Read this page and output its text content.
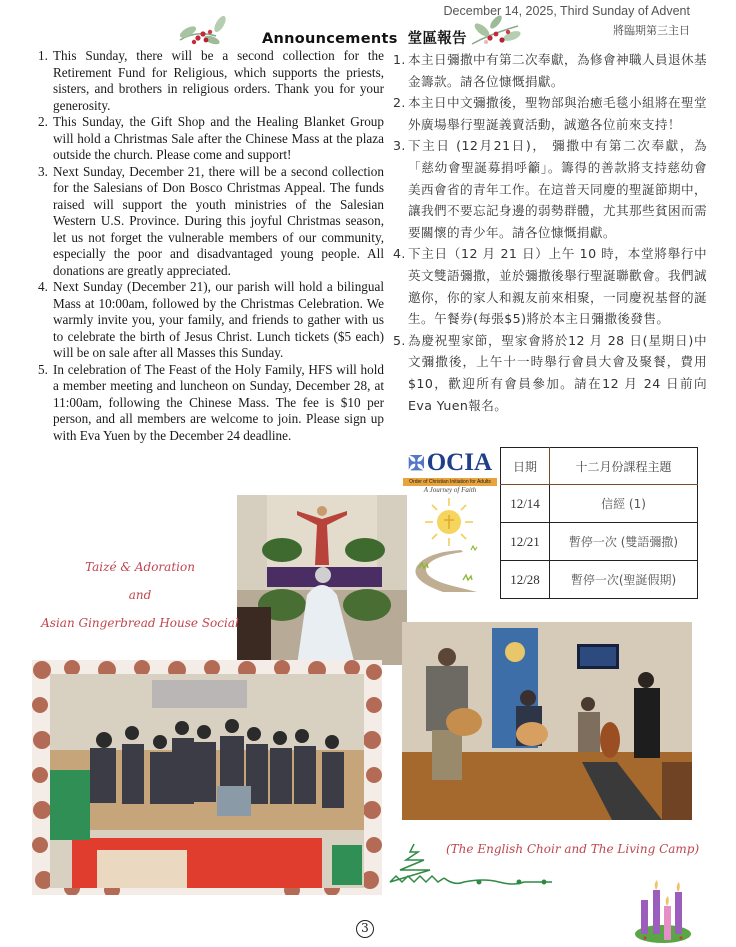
December 14, 2025, Third Sunday of Advent
將臨期第三主日
Announcements 堂區報告
1. This Sunday, there will be a second collection for the Retirement Fund for Religious, which supports the priests, sisters, and brothers in religious orders. Thank you for your generosity.
2. This Sunday, the Gift Shop and the Healing Blanket Group will hold a Christmas Sale after the Chinese Mass at the plaza outside the church. Please come and support!
3. Next Sunday, December 21, there will be a second collection for the Salesians of Don Bosco Christmas Appeal. The funds raised will support the youth ministries of the Salesian Western U.S. Province. During this joyful Christmas season, let us not forget the vulnerable members of our community, especially the poor and disadvantaged young people. All donations are greatly appreciated.
4. Next Sunday (December 21), our parish will hold a bilingual Mass at 10:00am, followed by the Christmas Celebration. We warmly invite you, your family, and friends to gather with us to celebrate the birth of Jesus Christ. Lunch tickets ($5 each) will be on sale after all Masses this Sunday.
5. In celebration of The Feast of the Holy Family, HFS will hold a member meeting and luncheon on Sunday, December 28, at 11:00am, following the Chinese Mass. The fee is $10 per person, and all members are welcome to join. Please sign up with Eva Yuen by the December 24 deadline.
1. 本主日彌撒中有第二次奉獻，為修會神職人員退休基金籌款。請各位慷慨捐獻。
2. 本主日中文彌撒後，聖物部與治癒毛毯小組將在聖堂外廣場舉行聖誕義賣活動，誠邀各位前來支持！
3. 下主日 (12月21日)， 彌撒中有第二次奉獻，為「慈幼會聖誕募捐呼籲」。籌得的善款將支持慈幼會美西會省的青年工作。在這普天同慶的聖誕節期中，讓我們不要忘記身邊的弱勢群體，尤其那些貧困而需要關懷的青少年。請各位慷慨捐獻。
4. 下主日（12 月 21 日）上午 10 時，本堂將舉行中英文雙語彌撒，並於彌撒後舉行聖誕聯歡會。我們誠邀你，你的家人和親友前來相聚，一同慶祝基督的誕生。午餐券(每張$5)將於本主日彌撒後發售。
5. 為慶祝聖家節，聖家會將於12 月 28 日(星期日)中文彌撒後，上午十一時舉行會員大會及聚餐，費用$10，歡迎所有會員參加。請在12 月 24 日前向Eva Yuen報名。
✠ OCIA
Order of Christian Initiation for Adults
A Journey of Faith
日期	十二月份課程主題
12/14	信經 (1)
12/21	暫停一次 (雙語彌撒)
12/28	暫停一次(聖誕假期)
Taizé & Adoration
and
Asian Gingerbread House Social
(The English Choir and The Living Camp)
3
